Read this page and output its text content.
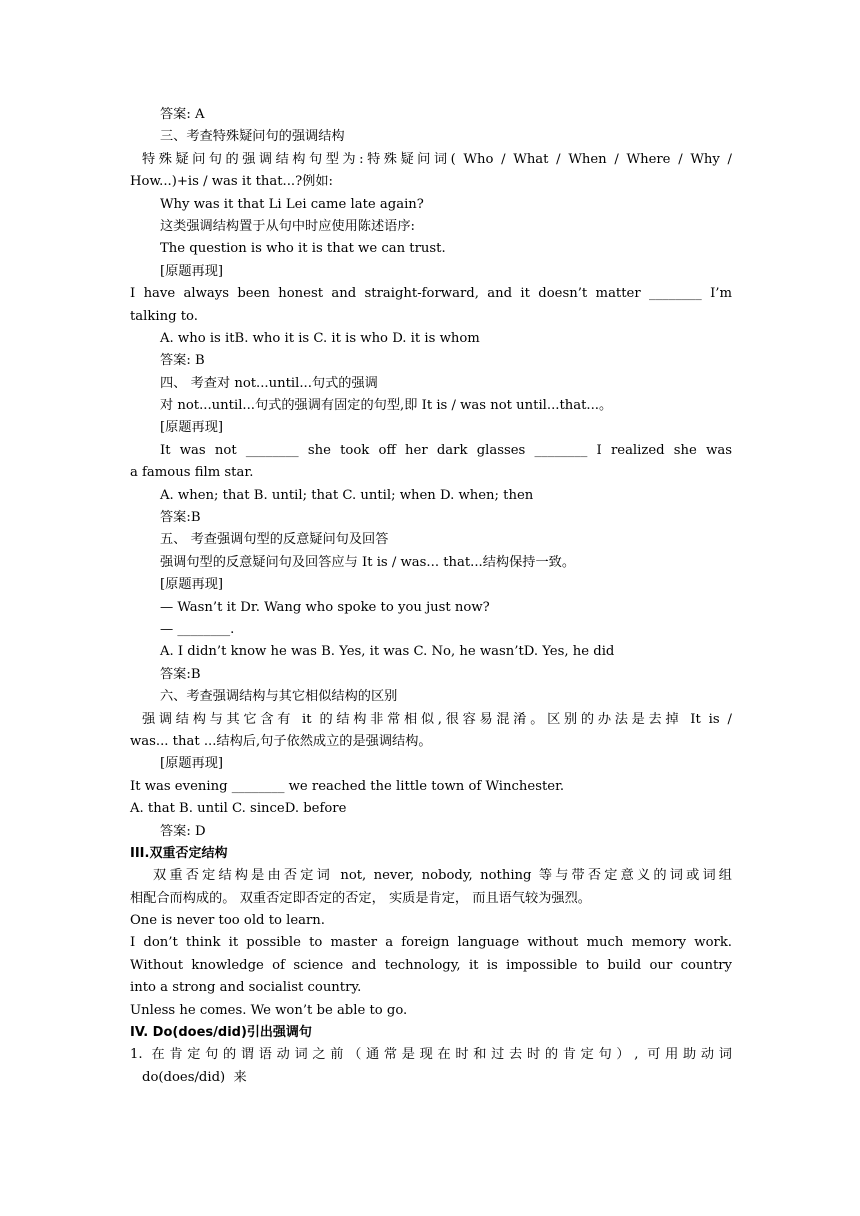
答案: A
三、考查特殊疑问句的强调结构
特殊疑问句的强调结构句型为:特殊疑问词( Who / What / When / Where / Why /
How...)+is / was it that...?例如:
Why was it that Li Lei came late again?
这类强调结构置于从句中时应使用陈述语序:
The question is who it is that we can trust.
[原题再现]
I have always been honest and straight-forward, and it doesn’t matter ________ I’m
talking to.
A. who is itB. who it is C. it is who D. it is whom
答案: B
四、 考查对 not...until...句式的强调
对 not...until...句式的强调有固定的句型,即 It is / was not until...that...。
[原题再现]
It was not ________ she took off her dark glasses ________ I realized she was
a famous film star.
A. when; that B. until; that C. until; when D. when; then
答案:B
五、 考查强调句型的反意疑问句及回答
强调句型的反意疑问句及回答应与 It is / was... that...结构保持一致。
[原题再现]
— Wasn’t it Dr. Wang who spoke to you just now?
— ________.
A. I didn’t know he was B. Yes, it was C. No, he wasn’tD. Yes, he did
答案:B
六、考查强调结构与其它相似结构的区别
强调结构与其它含有 it 的结构非常相似,很容易混淆。区别的办法是去掉 It is /
was... that ...结构后,句子依然成立的是强调结构。
[原题再现]
It was evening ________ we reached the little town of Winchester.
A. that B. until C. sinceD. before
答案: D
III.双重否定结构
双重否定结构是由否定词 not, never, nobody, nothing 等与带否定意义的词或词组
相配合而构成的。 双重否定即否定的否定， 实质是肯定， 而且语气较为强烈。
One is never too old to learn.
I don’t think it possible to master a foreign language without much memory work.
Without knowledge of science and technology, it is impossible to build our country
into a strong and socialist country.
Unless he comes. We won’t be able to go.
IV. Do(does/did)引出强调句
1. 在肯定句的谓语动词之前（通常是现在时和过去时的肯定句）, 可用助动词
do(does/did)  来
